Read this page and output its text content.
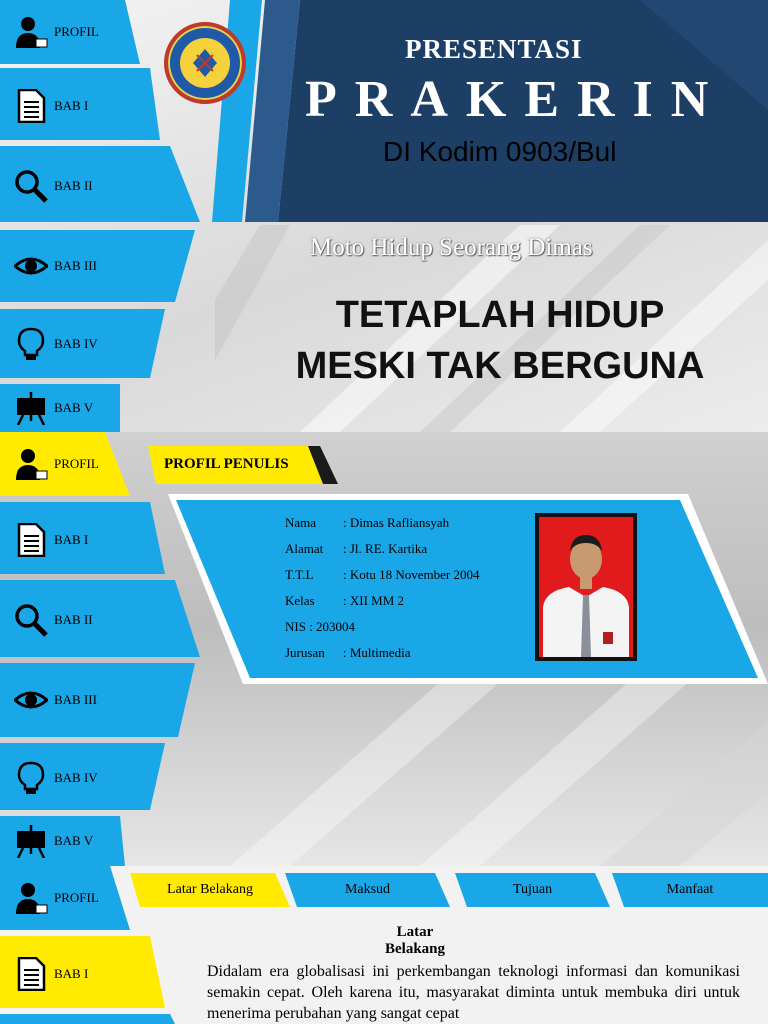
PROFIL
BAB I
BAB II
BAB III
BAB IV
BAB V
PRESENTASI
PRAKERIN
DI Kodim 0903/Bul
Moto Hidup Seorang Dimas
TETAPLAH HIDUP
MESKI TAK BERGUNA
PROFIL
BAB I
BAB II
BAB III
BAB IV
BAB V
PROFIL PENULIS
Nama : Dimas Rafliansyah
Alamat : Jl. RE. Kartika
T.T.L : Kotu 18 November 2004
Kelas : XII MM 2
NIS : 203004
Jurusan : Multimedia
PROFIL
BAB I
Latar Belakang	Maksud	Tujuan	Manfaat
Latar
Belakang
Didalam era globalisasi ini perkembangan teknologi informasi dan komunikasi semakin cepat. Oleh karena itu, masyarakat diminta untuk membuka diri untuk menerima perubahan yang sangat cepat
